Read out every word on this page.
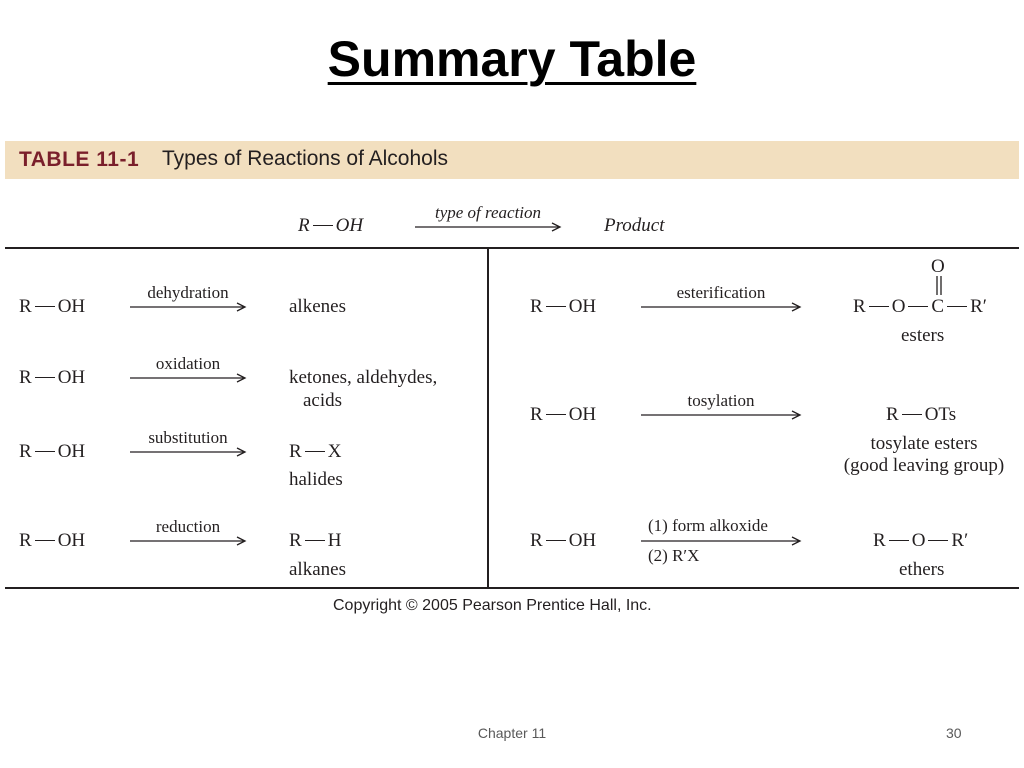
Summary Table
TABLE 11-1 Types of Reactions of Alcohols
R OH
type of reaction
Product
R OH
dehydration
alkenes
R OH
oxidation
ketones, aldehydes,
acids
R OH
substitution
R X
halides
R OH
reduction
R H
alkanes
R OH
esterification
O
R O C R′
esters
R OH
tosylation
R OTs
tosylate esters
(good leaving group)
R OH
(1) form alkoxide
(2) R′X
R O R′
ethers
Copyright © 2005 Pearson Prentice Hall, Inc.
Chapter 11	30
